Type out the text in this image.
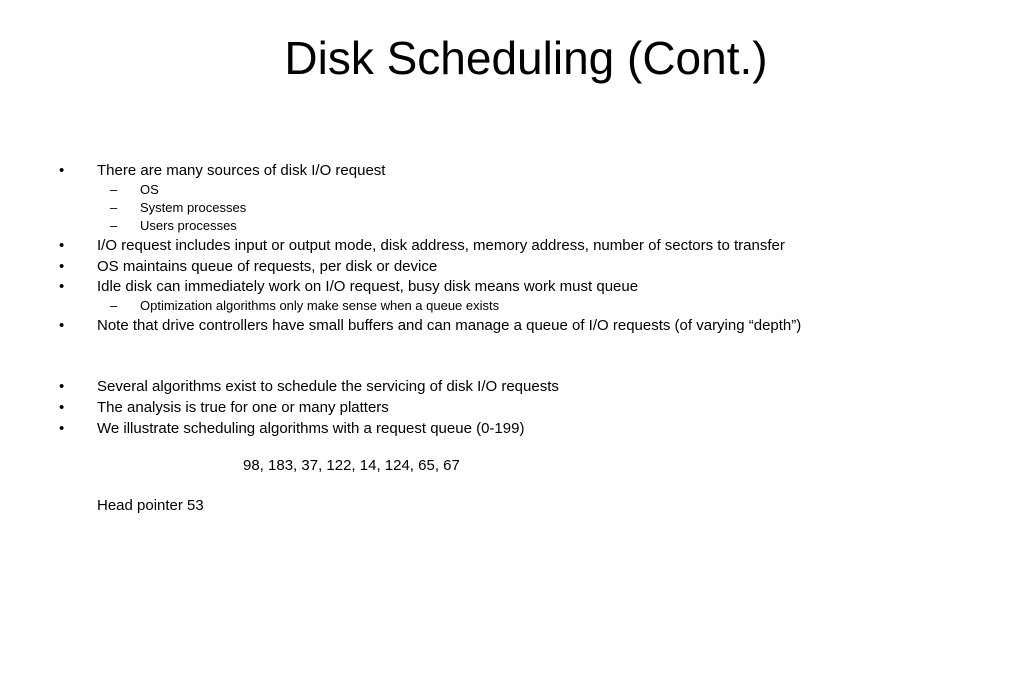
Disk Scheduling (Cont.)
• There are many sources of disk I/O request
– OS
– System processes
– Users processes
• I/O request includes input or output mode, disk address, memory address, number of sectors to transfer
• OS maintains queue of requests, per disk or device
• Idle disk can immediately work on I/O request, busy disk means work must queue
– Optimization algorithms only make sense when a queue exists
• Note that drive controllers have small buffers and can manage a queue of I/O requests (of varying “depth”)
• Several algorithms exist to schedule the servicing of disk I/O requests
• The analysis is true for one or many platters
• We illustrate scheduling algorithms with a request queue (0-199)
98, 183, 37, 122, 14, 124, 65, 67
Head pointer 53
